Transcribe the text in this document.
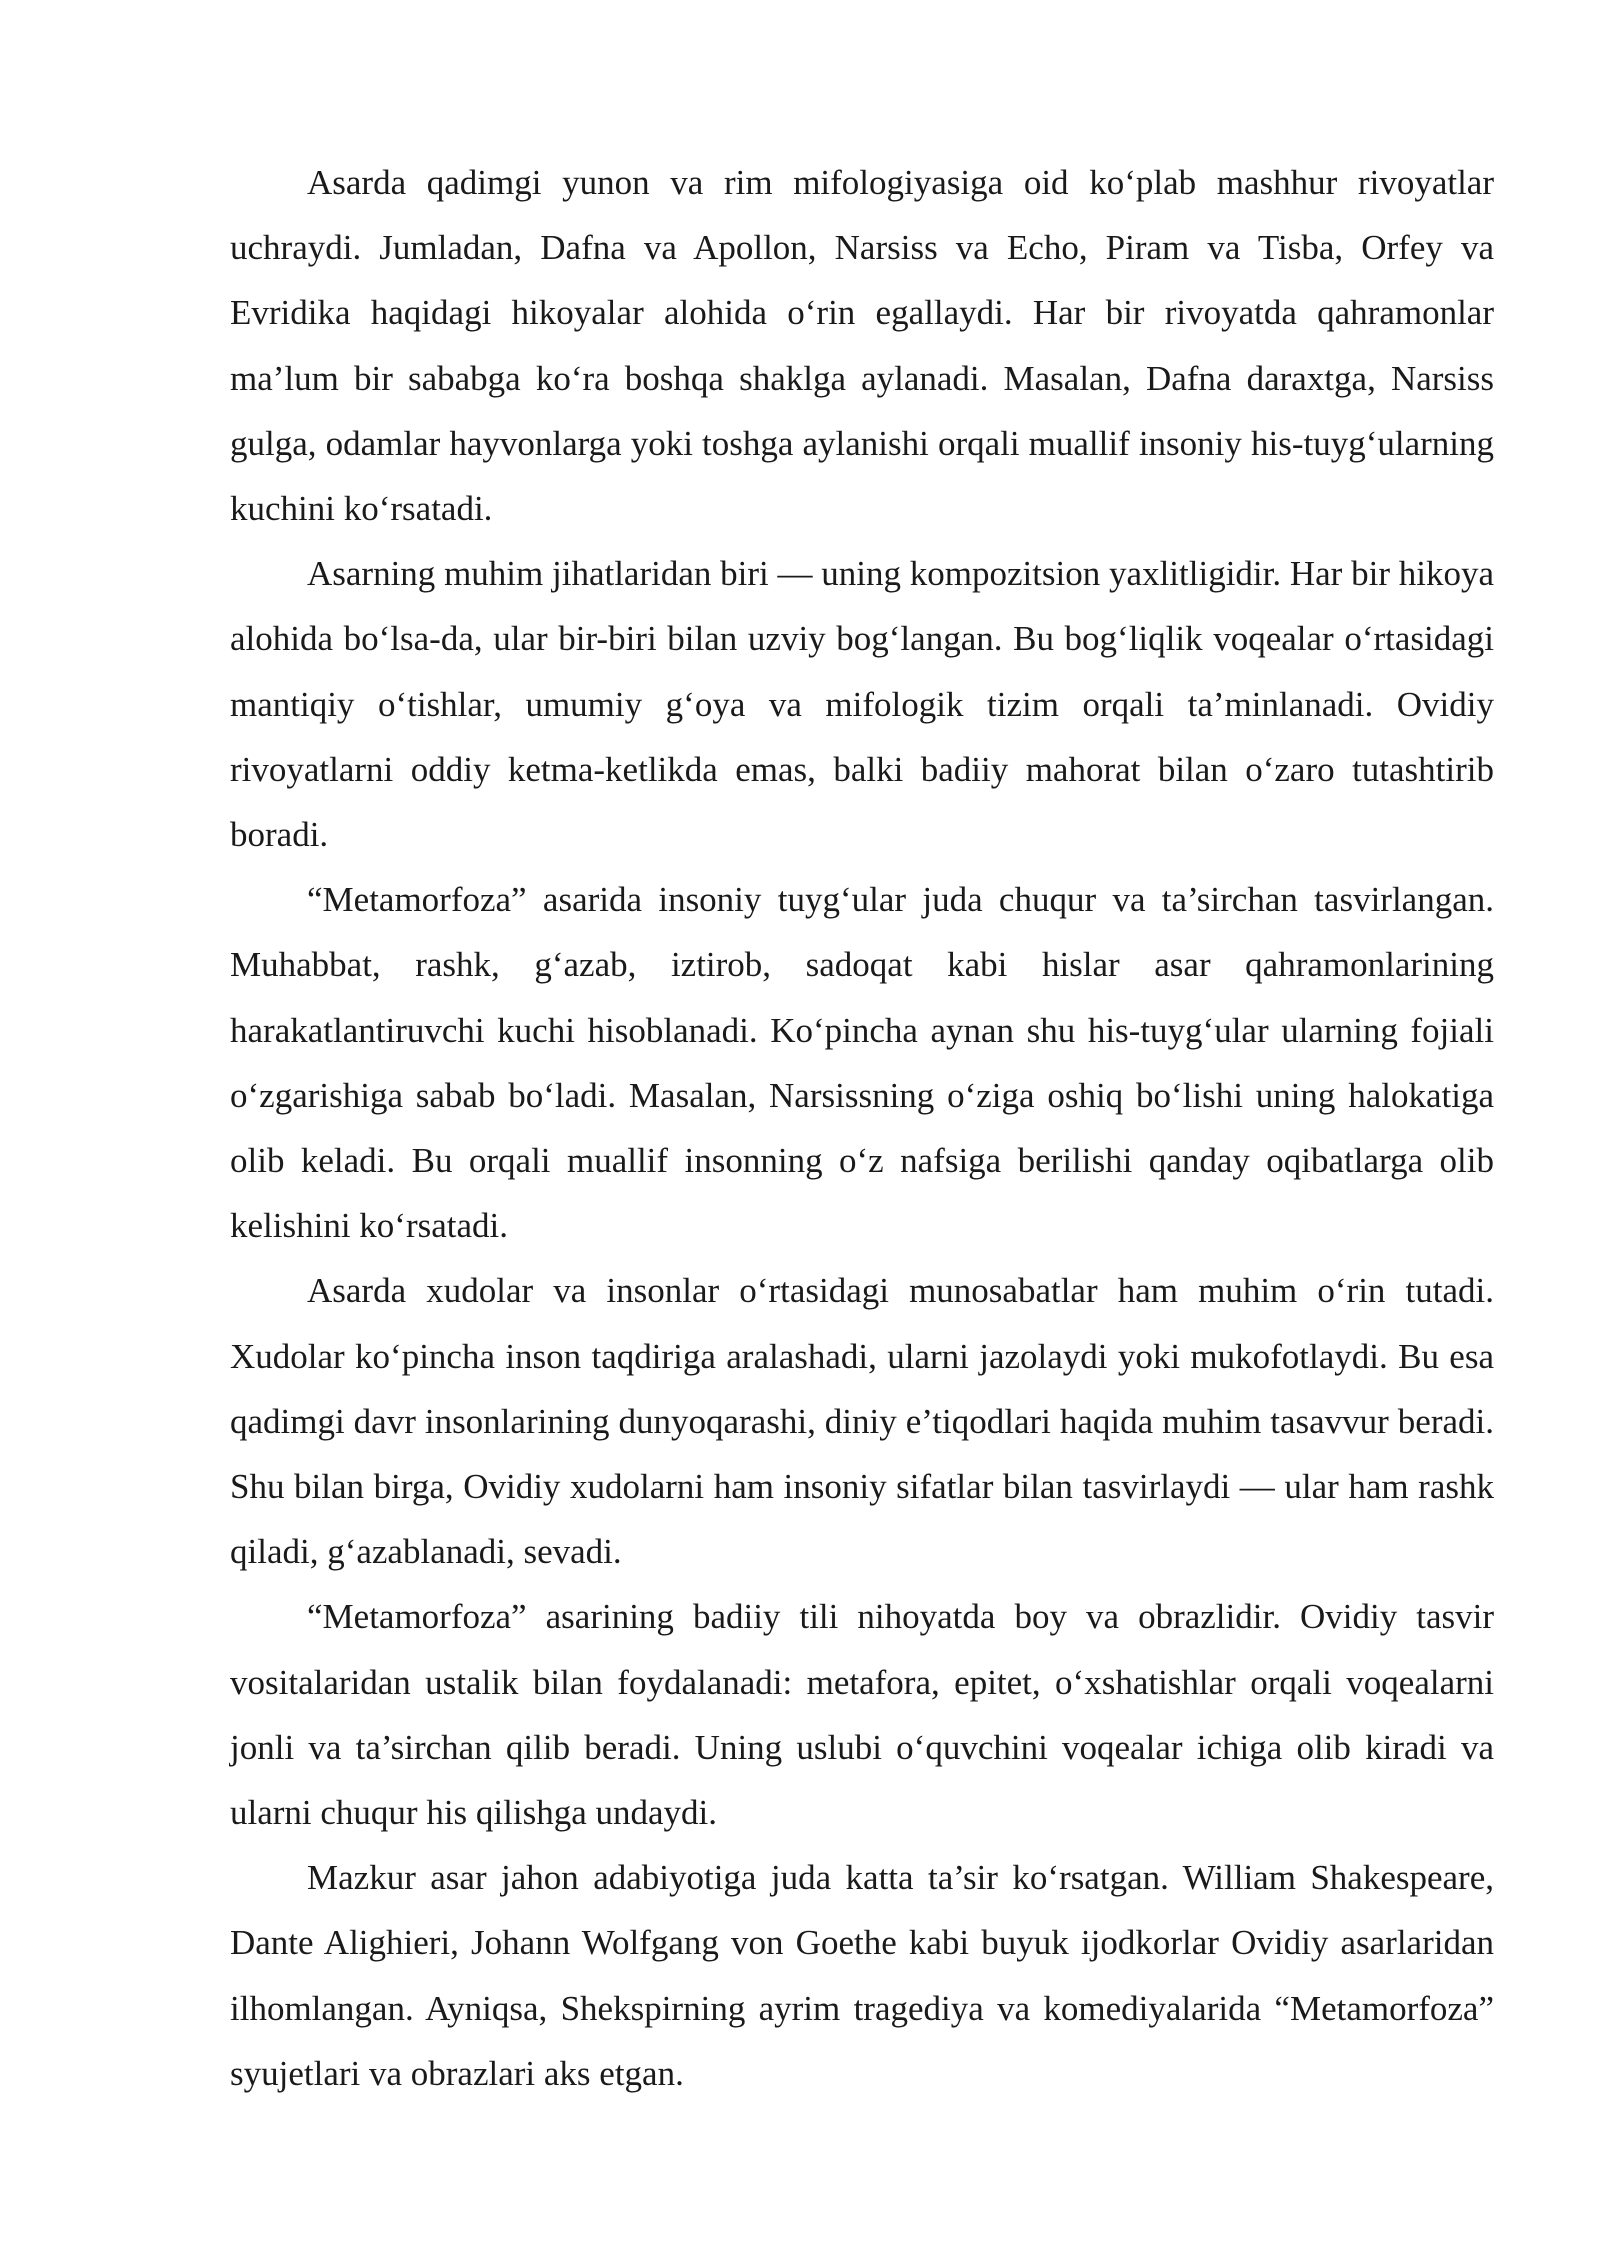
Asarda qadimgi yunon va rim mifologiyasiga oid ko‘plab mashhur rivoyatlar uchraydi. Jumladan, Dafna va Apollon, Narsiss va Echo, Piram va Tisba, Orfey va Evridika haqidagi hikoyalar alohida o‘rin egallaydi. Har bir rivoyatda qahramonlar ma’lum bir sababga ko‘ra boshqa shaklga aylanadi. Masalan, Dafna daraxtga, Narsiss gulga, odamlar hayvonlarga yoki toshga aylanishi orqali muallif insoniy his-tuyg‘ularning kuchini ko‘rsatadi.

Asarning muhim jihatlaridan biri — uning kompozitsion yaxlitligidir. Har bir hikoya alohida bo‘lsa-da, ular bir-biri bilan uzviy bog‘langan. Bu bog‘liqlik voqealar o‘rtasidagi mantiqiy o‘tishlar, umumiy g‘oya va mifologik tizim orqali ta’minlanadi. Ovidiy rivoyatlarni oddiy ketma-ketlikda emas, balki badiiy mahorat bilan o‘zaro tutashtirib boradi.

“Metamorfoza” asarida insoniy tuyg‘ular juda chuqur va ta’sirchan tasvirlangan. Muhabbat, rashk, g‘azab, iztirob, sadoqat kabi hislar asar qahramonlarining harakatlantiruvchi kuchi hisoblanadi. Ko‘pincha aynan shu his-tuyg‘ular ularning fojiali o‘zgarishiga sabab bo‘ladi. Masalan, Narsissning o‘ziga oshiq bo‘lishi uning halokatiga olib keladi. Bu orqali muallif insonning o‘z nafsiga berilishi qanday oqibatlarga olib kelishini ko‘rsatadi.

Asarda xudolar va insonlar o‘rtasidagi munosabatlar ham muhim o‘rin tutadi. Xudolar ko‘pincha inson taqdiriga aralashadi, ularni jazolaydi yoki mukofotlaydi. Bu esa qadimgi davr insonlarining dunyoqarashi, diniy e’tiqodlari haqida muhim tasavvur beradi. Shu bilan birga, Ovidiy xudolarni ham insoniy sifatlar bilan tasvirlaydi — ular ham rashk qiladi, g‘azablanadi, sevadi.

“Metamorfoza” asarining badiiy tili nihoyatda boy va obrazlidir. Ovidiy tasvir vositalaridan ustalik bilan foydalanadi: metafora, epitet, o‘xshatishlar orqali voqealarni jonli va ta’sirchan qilib beradi. Uning uslubi o‘quvchini voqealar ichiga olib kiradi va ularni chuqur his qilishga undaydi.

Mazkur asar jahon adabiyotiga juda katta ta’sir ko‘rsatgan. William Shakespeare, Dante Alighieri, Johann Wolfgang von Goethe kabi buyuk ijodkorlar Ovidiy asarlaridan ilhomlangan. Ayniqsa, Shekspirning ayrim tragediya va komediyalarida “Metamorfoza” syujetlari va obrazlari aks etgan.
